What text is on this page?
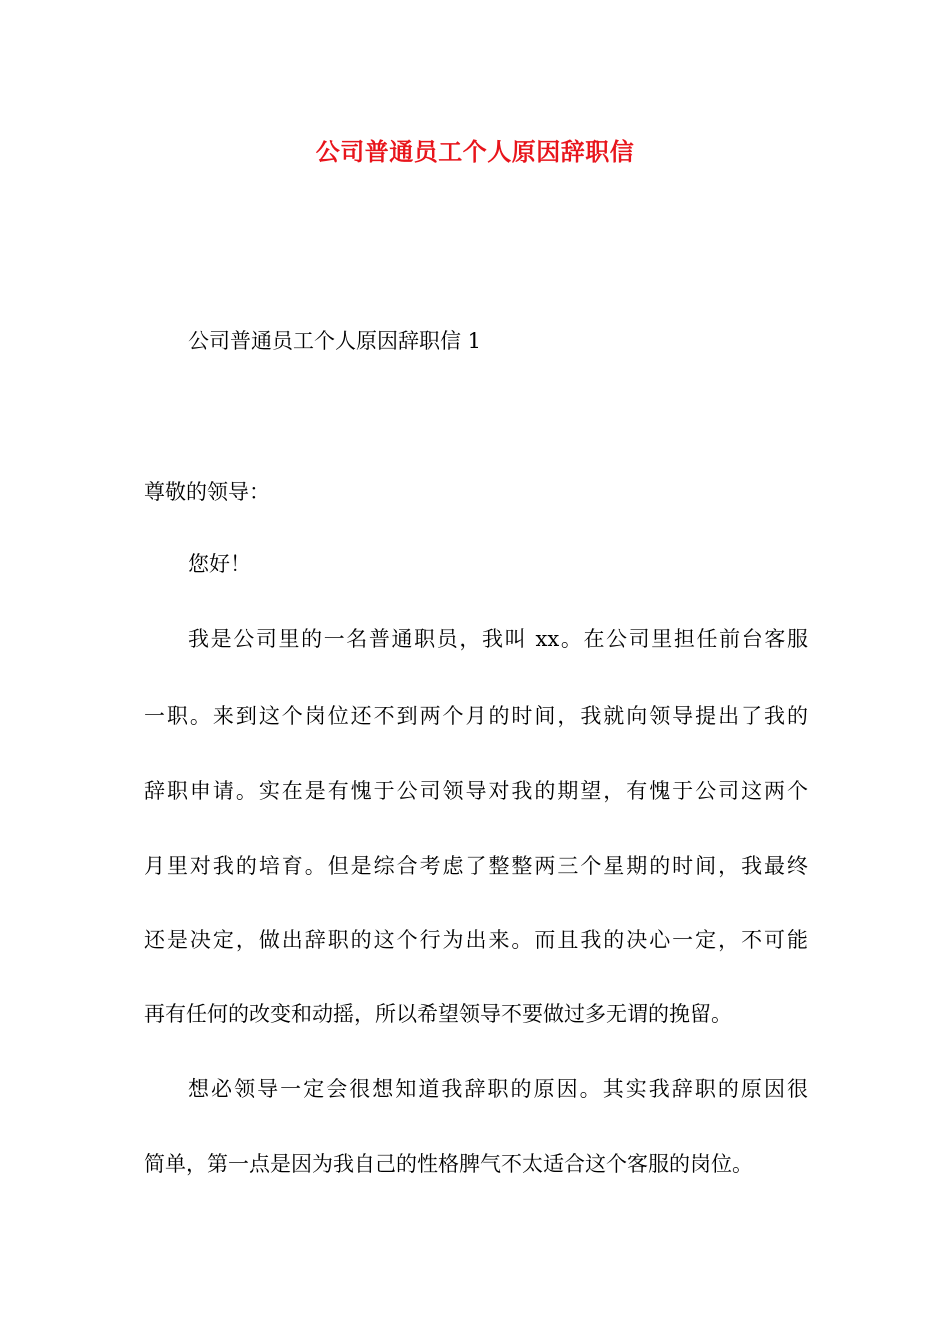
公司普通员工个人原因辞职信
公司普通员工个人原因辞职信 1
尊敬的领导：
您好！
我是公司里的一名普通职员，我叫 xx。在公司里担任前台客服
一职。来到这个岗位还不到两个月的时间，我就向领导提出了我的
辞职申请。实在是有愧于公司领导对我的期望，有愧于公司这两个
月里对我的培育。但是综合考虑了整整两三个星期的时间，我最终
还是决定，做出辞职的这个行为出来。而且我的决心一定，不可能
再有任何的改变和动摇，所以希望领导不要做过多无谓的挽留。
想必领导一定会很想知道我辞职的原因。其实我辞职的原因很
简单，第一点是因为我自己的性格脾气不太适合这个客服的岗位。
